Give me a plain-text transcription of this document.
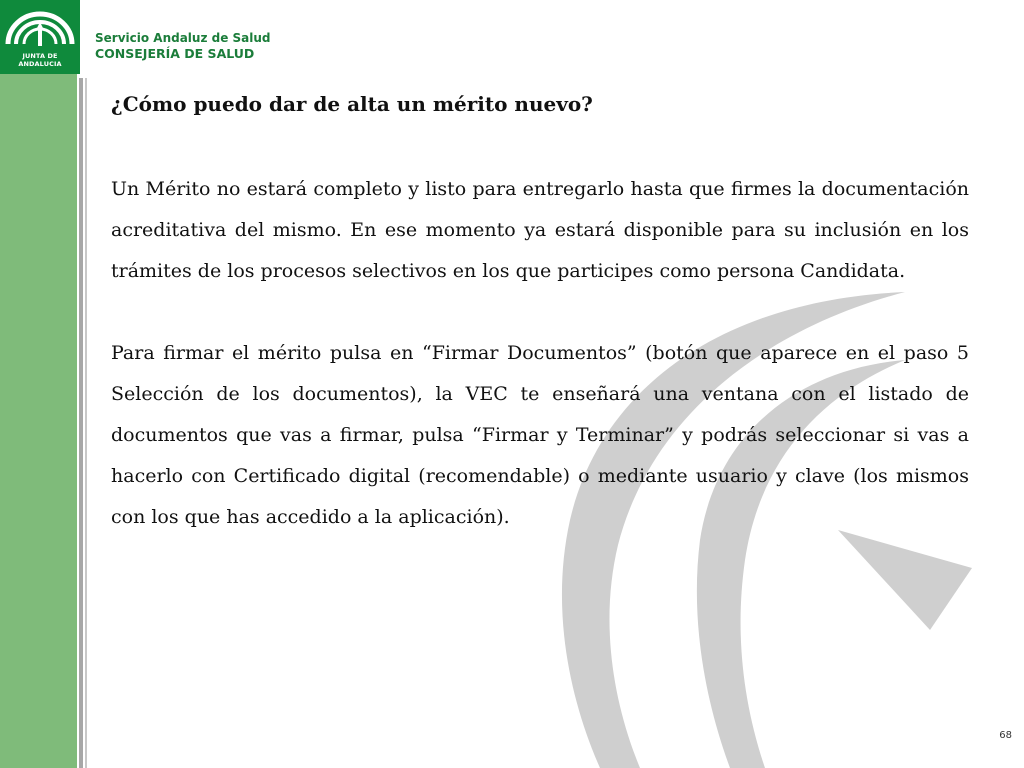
JUNTA DE ANDALUCIA
Servicio Andaluz de Salud
CONSEJERÍA DE SALUD
¿Cómo puedo dar de alta un mérito nuevo?

Un Mérito no estará completo y listo para entregarlo hasta que firmes la documentación acreditativa del mismo. En ese momento ya estará disponible para su inclusión en los trámites de los procesos selectivos en los que participes como persona Candidata.

Para firmar el mérito pulsa en “Firmar Documentos” (botón que aparece en el paso 5 Selección de los documentos), la VEC te enseñará una ventana con el listado de documentos que vas a firmar, pulsa “Firmar y Terminar” y podrás seleccionar si vas a hacerlo con Certificado digital (recomendable) o mediante usuario y clave (los mismos con los que has accedido a la aplicación).

68
